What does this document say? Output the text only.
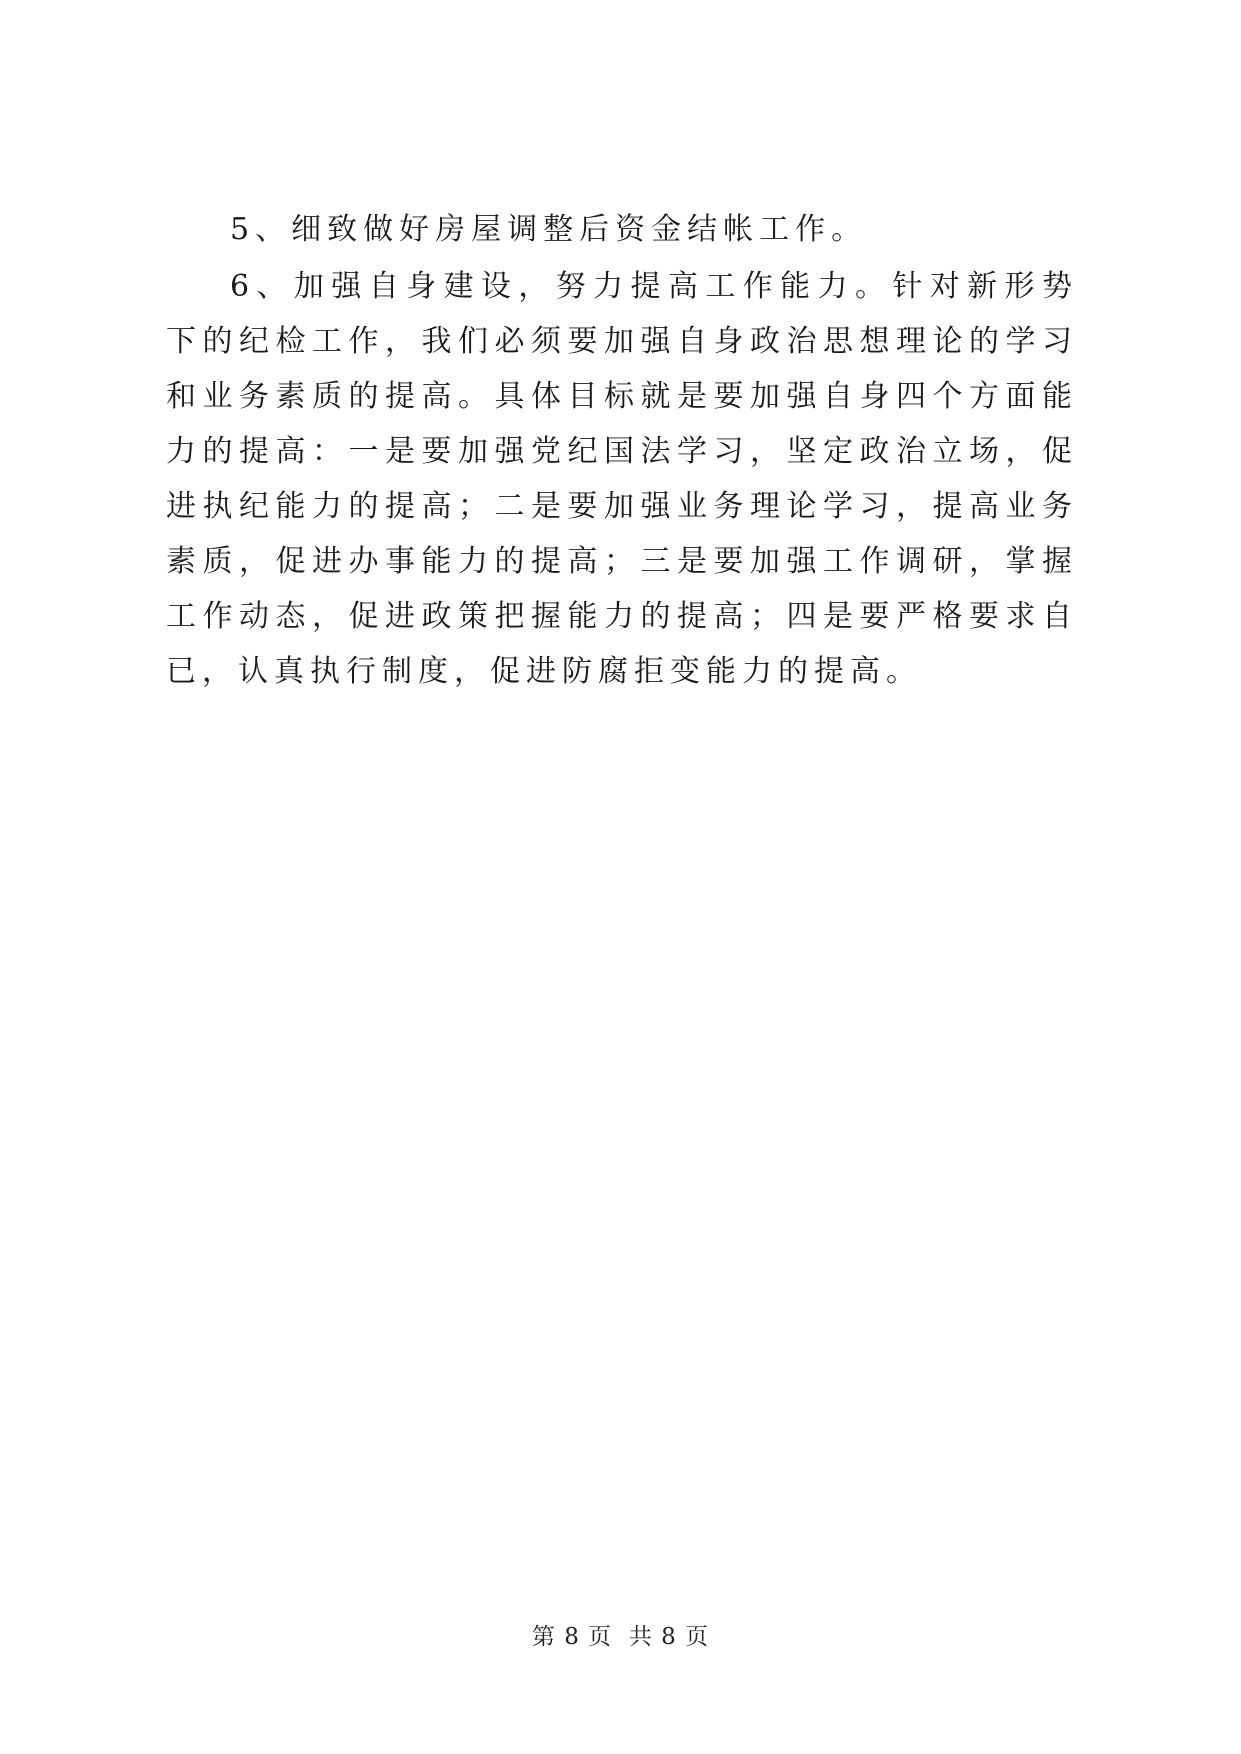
5、细致做好房屋调整后资金结帐工作。

6、加强自身建设，努力提高工作能力。针对新形势下的纪检工作，我们必须要加强自身政治思想理论的学习和业务素质的提高。具体目标就是要加强自身四个方面能力的提高：一是要加强党纪国法学习，坚定政治立场，促进执纪能力的提高；二是要加强业务理论学习，提高业务素质，促进办事能力的提高；三是要加强工作调研，掌握工作动态，促进政策把握能力的提高；四是要严格要求自已，认真执行制度，促进防腐拒变能力的提高。

第 8 页 共 8 页
